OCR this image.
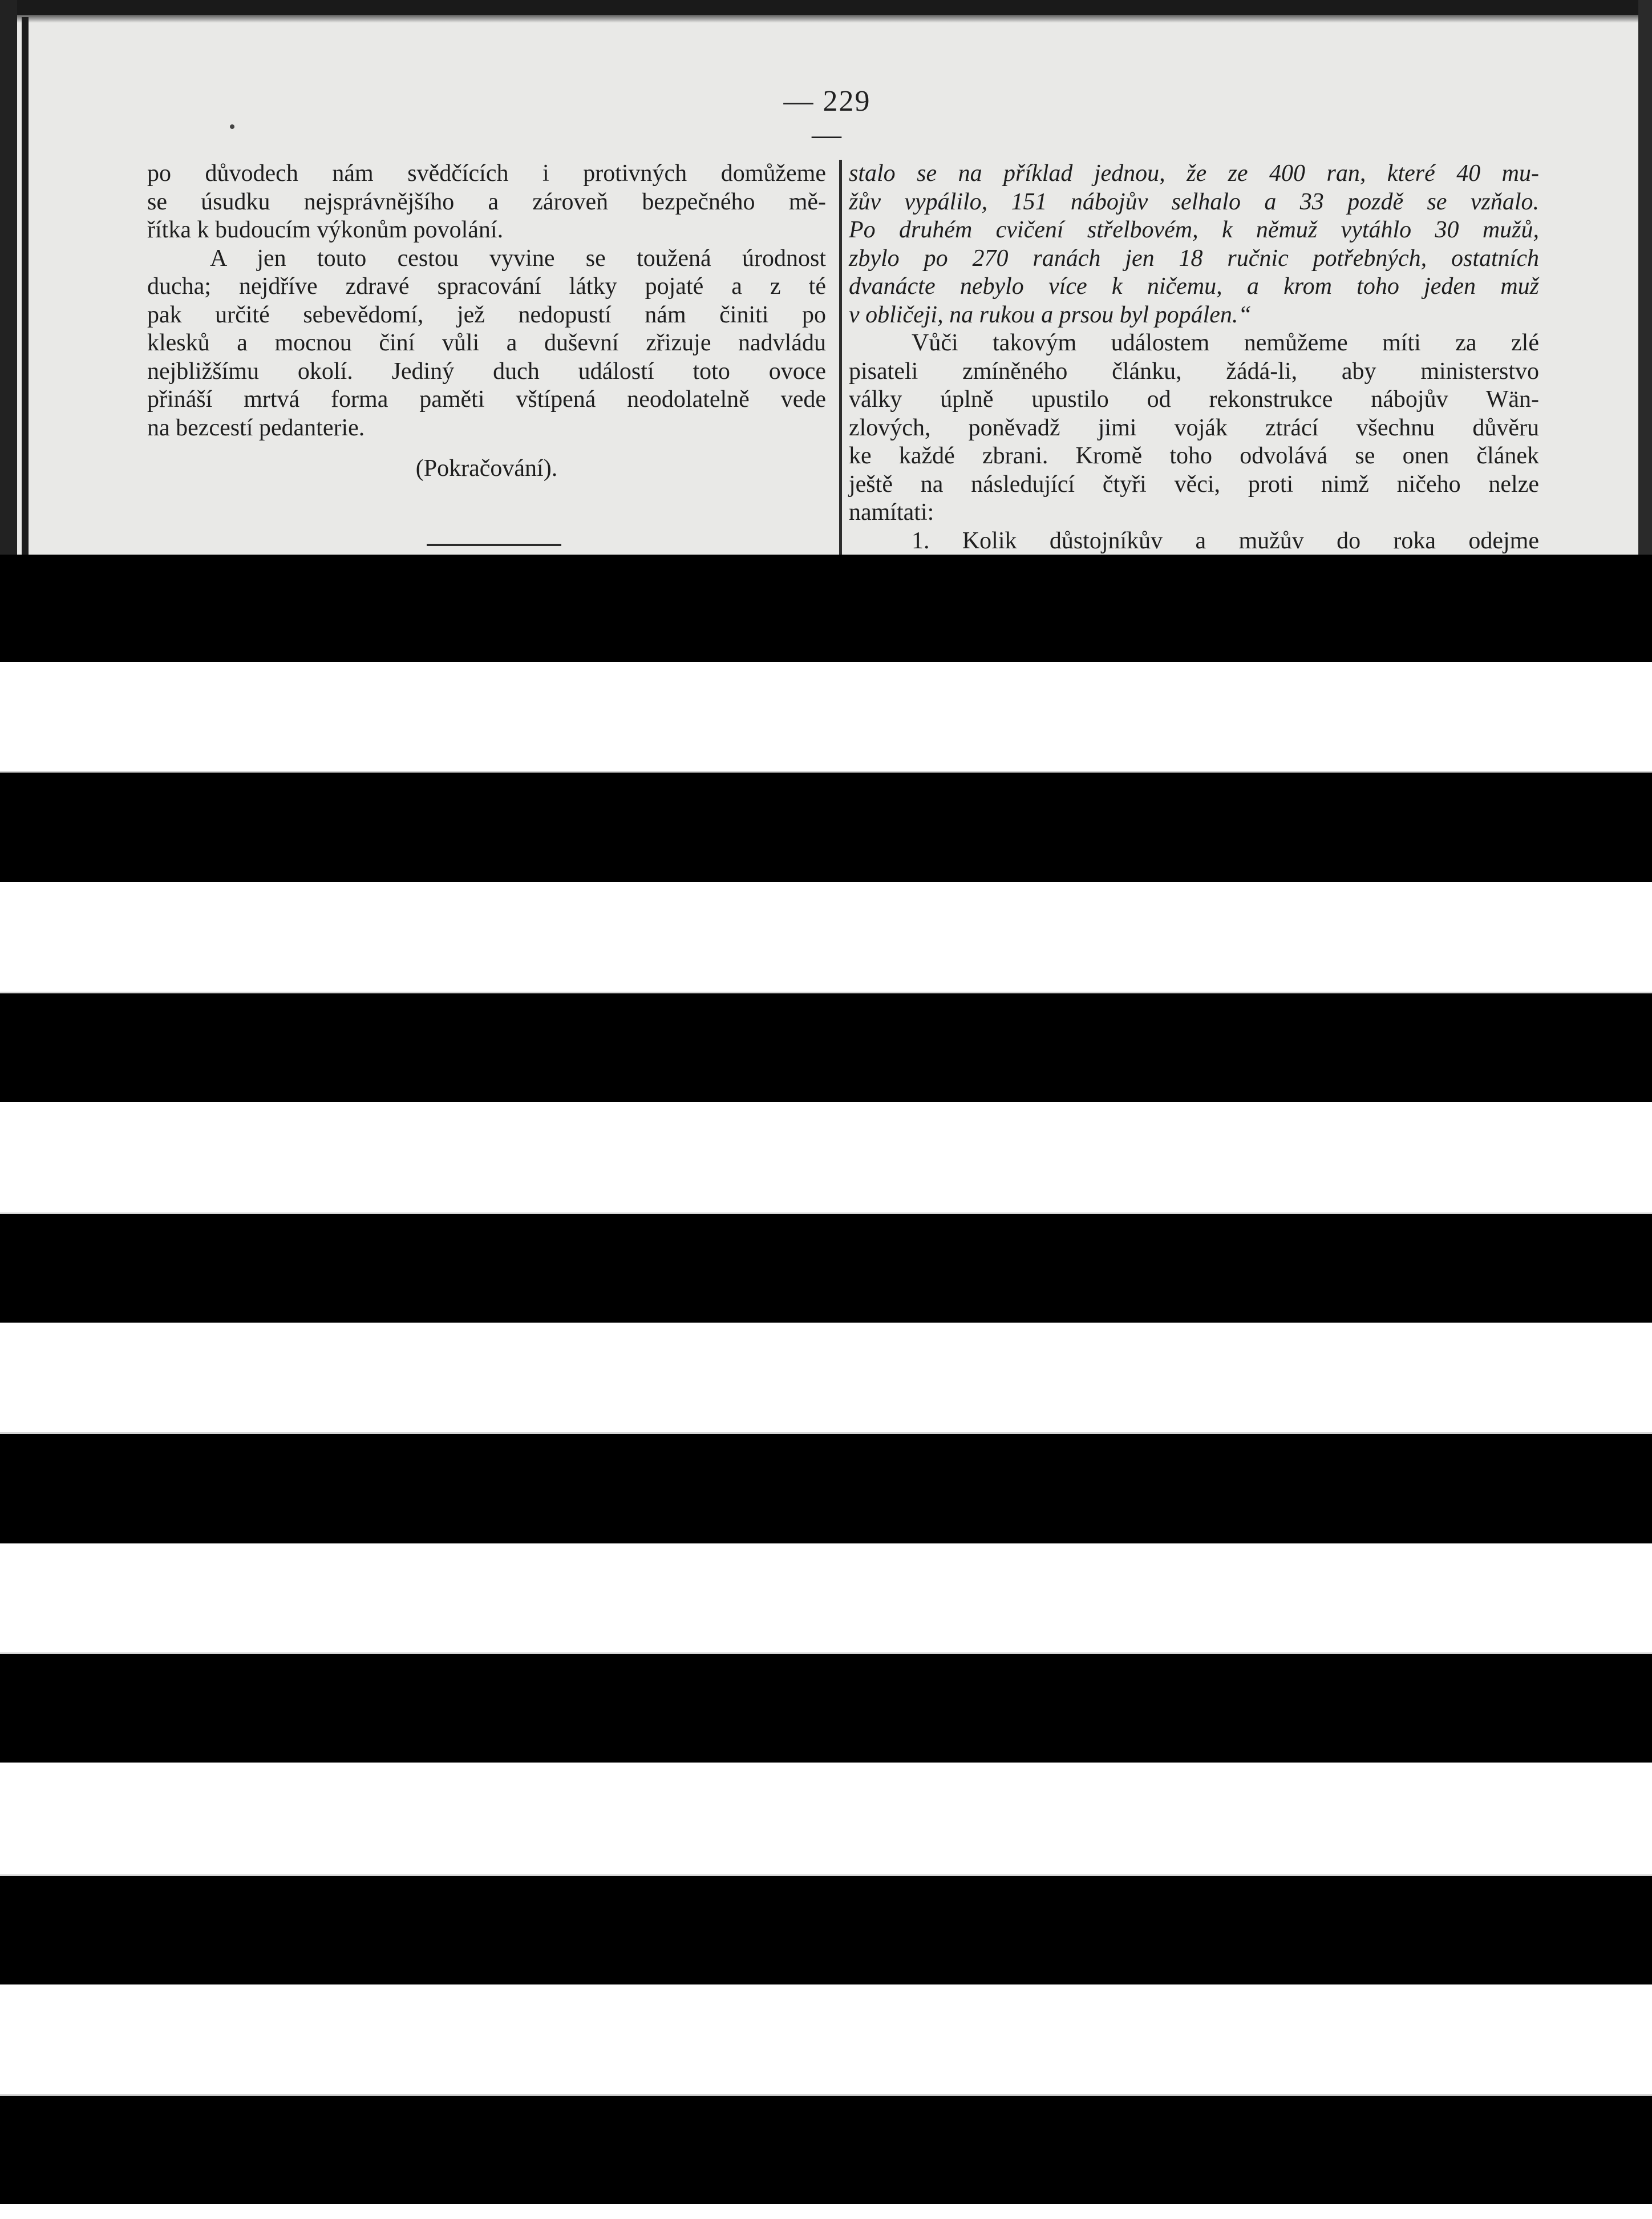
— 229 —
po důvodech nám svědčících i protivných domůžeme
se úsudku nejsprávnějšího a zároveň bezpečného mě-
řítka k budoucím výkonům povolání.
A jen touto cestou vyvine se toužená úrodnost
ducha; nejdříve zdravé spracování látky pojaté a z té
pak určité sebevědomí, jež nedopustí nám činiti po
klesků a mocnou činí vůli a duševní zřizuje nadvládu
nejbližšímu okolí. Jediný duch událostí toto ovoce
přináší mrtvá forma paměti vštípená neodolatelně vede
na bezcestí pedanterie.
(Pokračování).
stalo se na příklad jednou, že ze 400 ran, které 40 mu-
žův vypálilo, 151 nábojův selhalo a 33 pozdě se vzňalo.
Po druhém cvičení střelbovém, k němuž vytáhlo 30 mužů,
zbylo po 270 ranách jen 18 ručnic potřebných, ostatních
dvanácte nebylo více k ničemu, a krom toho jeden muž
v obličeji, na rukou a prsou byl popálen.“
Vůči takovým událostem nemůžeme míti za zlé
pisateli zmíněného článku, žádá-li, aby ministerstvo
války úplně upustilo od rekonstrukce nábojův Wän-
zlových, poněvadž jimi voják ztrácí všechnu důvěru
ke každé zbrani. Kromě toho odvolává se onen článek
ještě na následující čtyři věci, proti nimž ničeho nelze
namítati:
1. Kolik důstojníkův a mužův do roka odejme
